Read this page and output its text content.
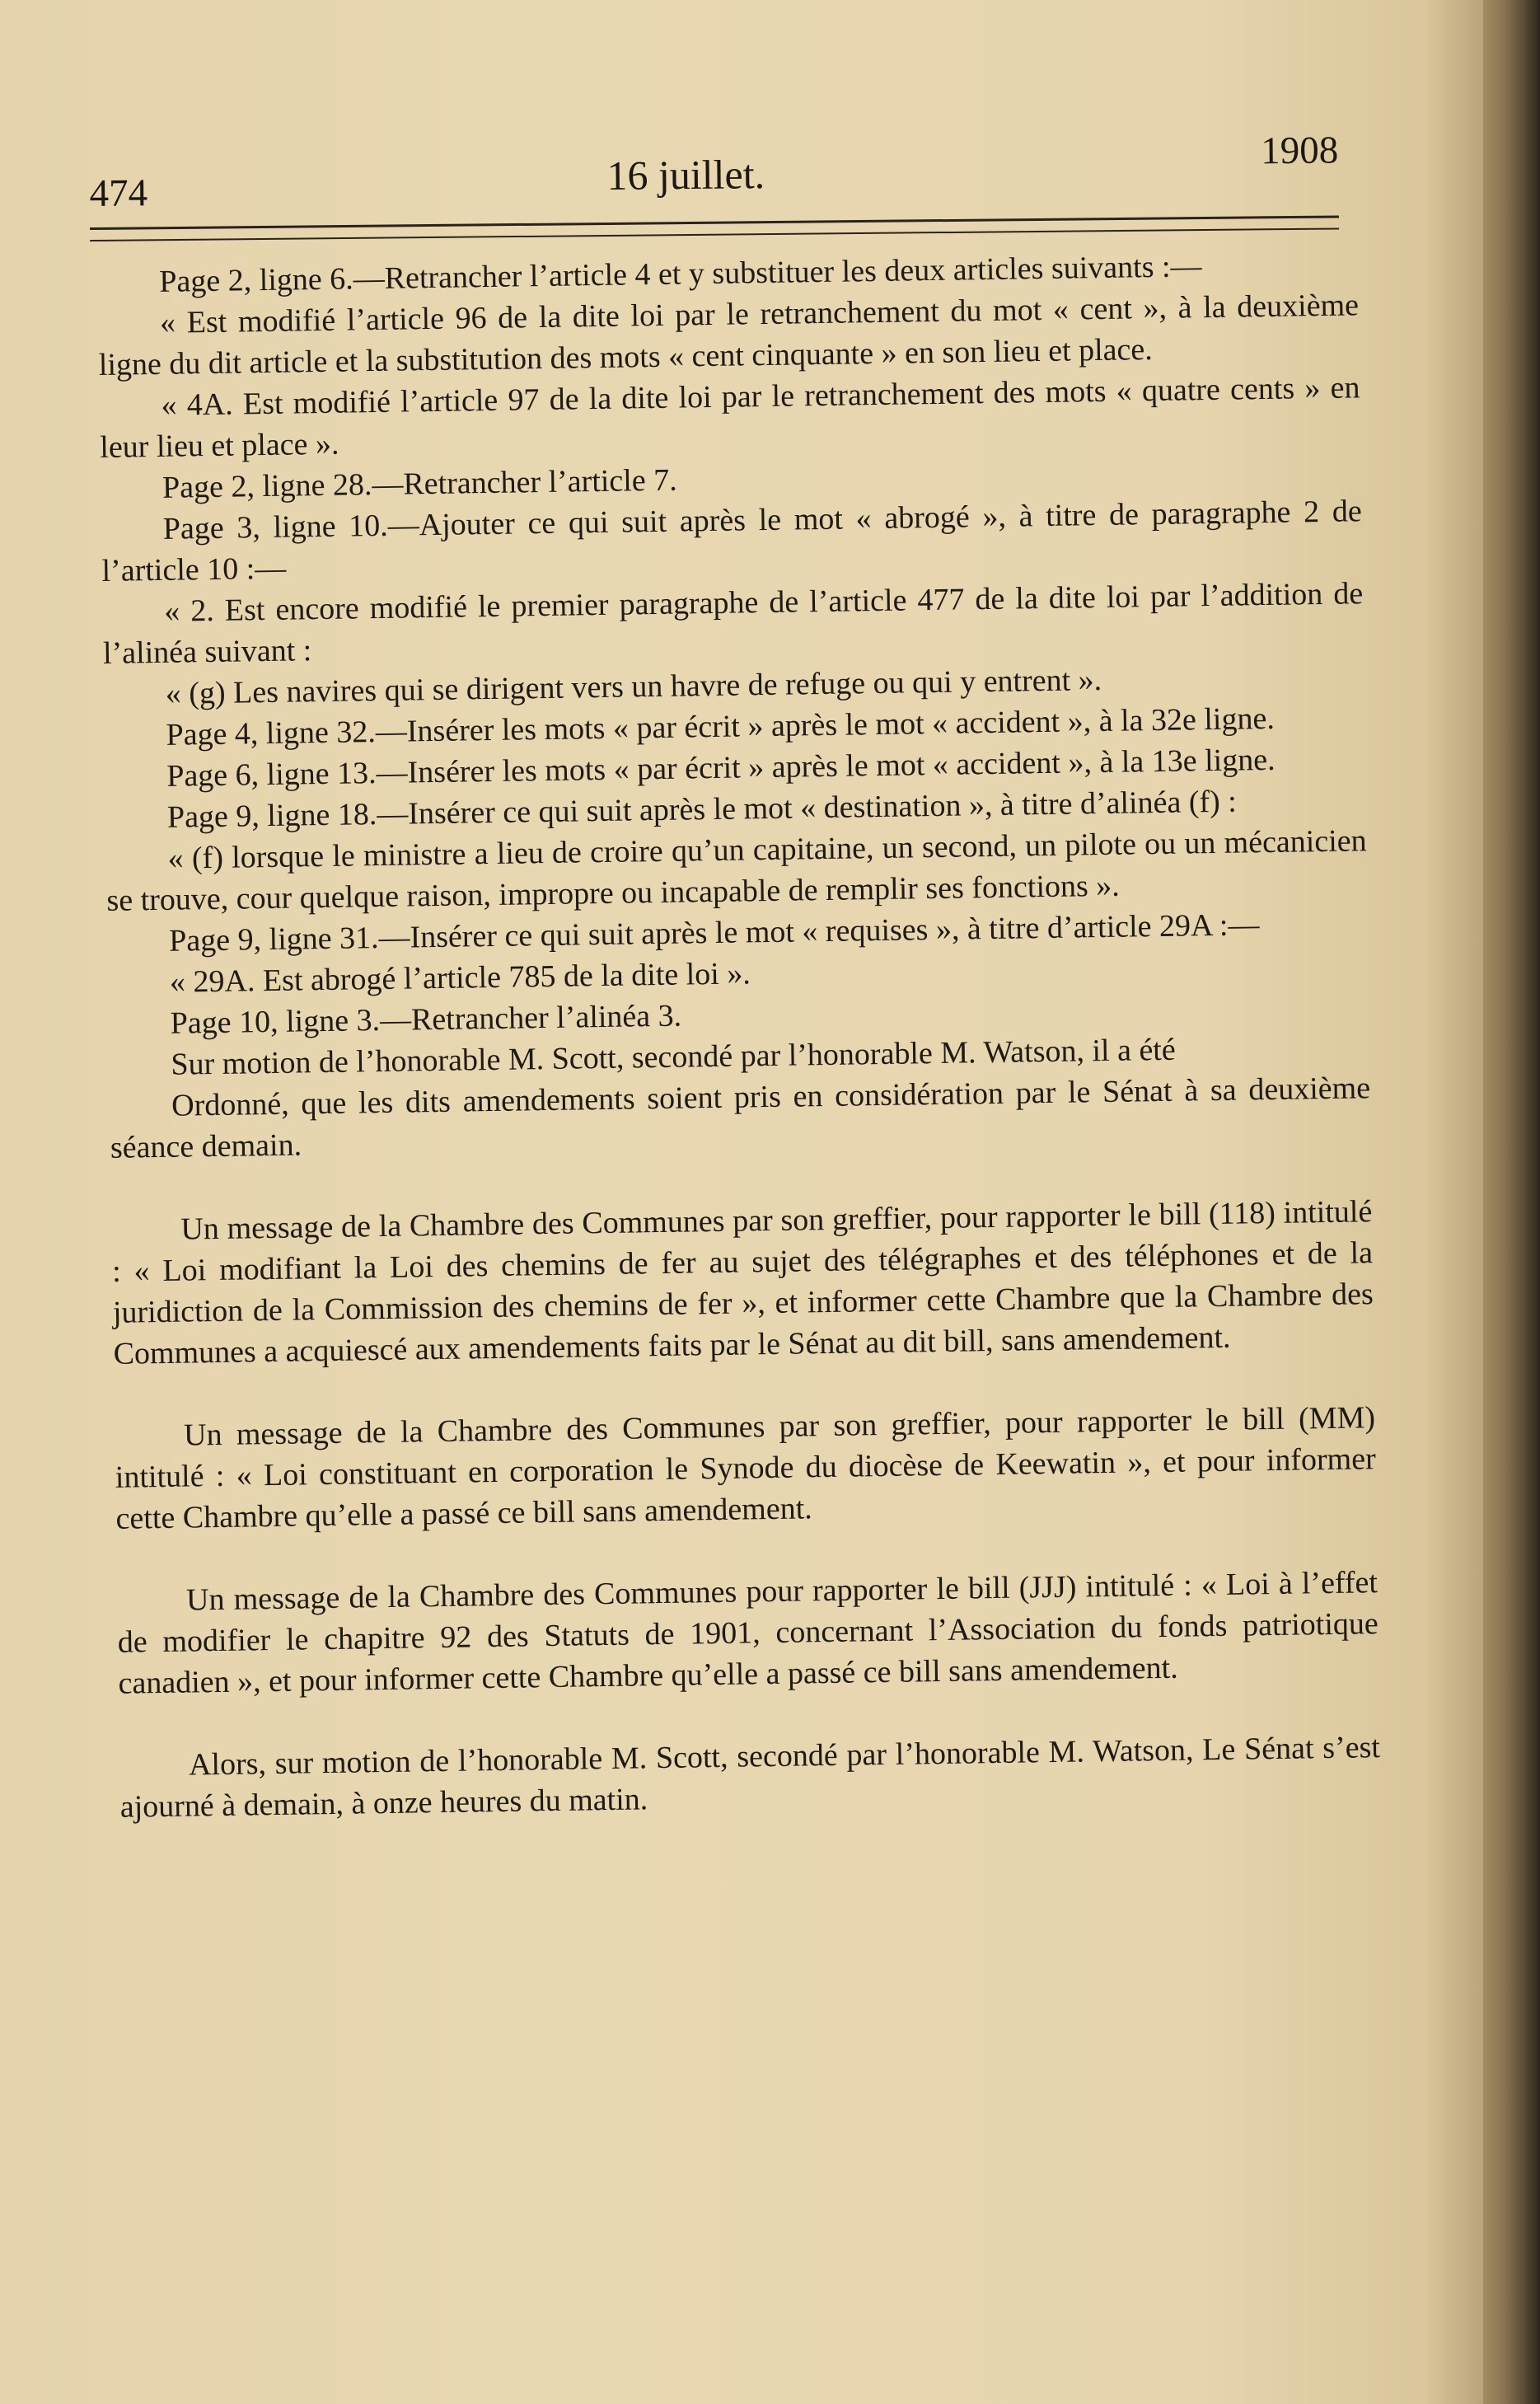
474	16 juillet.
1908

Page 2, ligne 6.—Retrancher l’article 4 et y substituer les deux articles suivants :—

« Est modifié l’article 96 de la dite loi par le retranchement du mot « cent », à la deuxième ligne du dit article et la substitution des mots « cent cinquante » en son lieu et place.

« 4A. Est modifié l’article 97 de la dite loi par le retranchement des mots « quatre cents » en leur lieu et place ».

Page 2, ligne 28.—Retrancher l’article 7.

Page 3, ligne 10.—Ajouter ce qui suit après le mot « abrogé », à titre de paragraphe 2 de l’article 10 :—

« 2. Est encore modifié le premier paragraphe de l’article 477 de la dite loi par l’addition de l’alinéa suivant :

« (g) Les navires qui se dirigent vers un havre de refuge ou qui y entrent ».

Page 4, ligne 32.—Insérer les mots « par écrit » après le mot « accident », à la 32e ligne.

Page 6, ligne 13.—Insérer les mots « par écrit » après le mot « accident », à la 13e ligne.

Page 9, ligne 18.—Insérer ce qui suit après le mot « destination », à titre d’alinéa (f) :

« (f) lorsque le ministre a lieu de croire qu’un capitaine, un second, un pilote ou un mécanicien se trouve, cour quelque raison, impropre ou incapable de remplir ses fonctions ».

Page 9, ligne 31.—Insérer ce qui suit après le mot « requises », à titre d’article 29A :—

« 29A. Est abrogé l’article 785 de la dite loi ».

Page 10, ligne 3.—Retrancher l’alinéa 3.

Sur motion de l’honorable M. Scott, secondé par l’honorable M. Watson, il a été

Ordonné, que les dits amendements soient pris en considération par le Sénat à sa deuxième séance demain.

Un message de la Chambre des Communes par son greffier, pour rapporter le bill (118) intitulé : « Loi modifiant la Loi des chemins de fer au sujet des télégraphes et des téléphones et de la juridiction de la Commission des chemins de fer », et informer cette Chambre que la Chambre des Communes a acquiescé aux amendements faits par le Sénat au dit bill, sans amendement.

Un message de la Chambre des Communes par son greffier, pour rapporter le bill (MM) intitulé : « Loi constituant en corporation le Synode du diocèse de Keewatin », et pour informer cette Chambre qu’elle a passé ce bill sans amendement.

Un message de la Chambre des Communes pour rapporter le bill (JJJ) intitulé : « Loi à l’effet de modifier le chapitre 92 des Statuts de 1901, concernant l’Association du fonds patriotique canadien », et pour informer cette Chambre qu’elle a passé ce bill sans amendement.

Alors, sur motion de l’honorable M. Scott, secondé par l’honorable M. Watson, Le Sénat s’est ajourné à demain, à onze heures du matin.
